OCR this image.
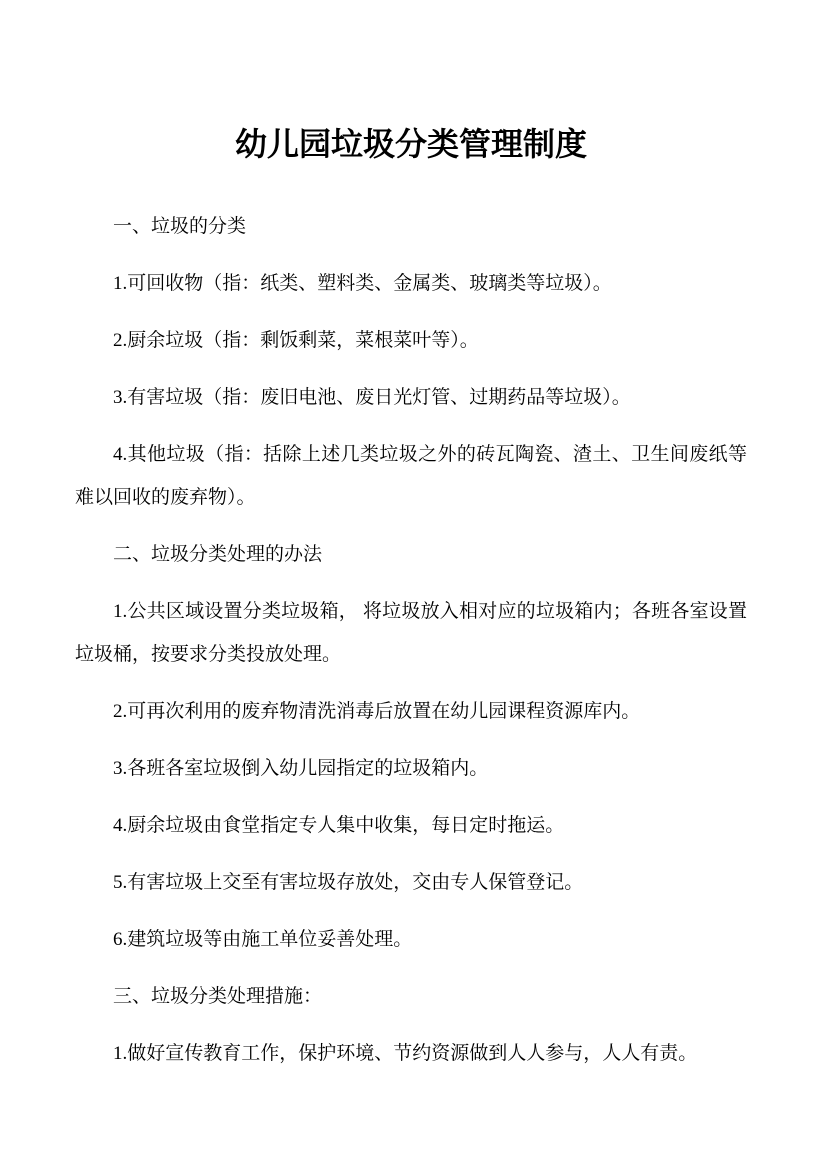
幼儿园垃圾分类管理制度

一、垃圾的分类

1.可回收物（指：纸类、塑料类、金属类、玻璃类等垃圾）。

2.厨余垃圾（指：剩饭剩菜，菜根菜叶等）。

3.有害垃圾（指：废旧电池、废日光灯管、过期药品等垃圾）。

4.其他垃圾（指：括除上述几类垃圾之外的砖瓦陶瓷、渣土、卫生间废纸等难以回收的废弃物）。

二、垃圾分类处理的办法

1.公共区域设置分类垃圾箱， 将垃圾放入相对应的垃圾箱内；各班各室设置垃圾桶，按要求分类投放处理。

2.可再次利用的废弃物清洗消毒后放置在幼儿园课程资源库内。

3.各班各室垃圾倒入幼儿园指定的垃圾箱内。

4.厨余垃圾由食堂指定专人集中收集，每日定时拖运。

5.有害垃圾上交至有害垃圾存放处，交由专人保管登记。

6.建筑垃圾等由施工单位妥善处理。

三、垃圾分类处理措施：

1.做好宣传教育工作，保护环境、节约资源做到人人参与，人人有责。
